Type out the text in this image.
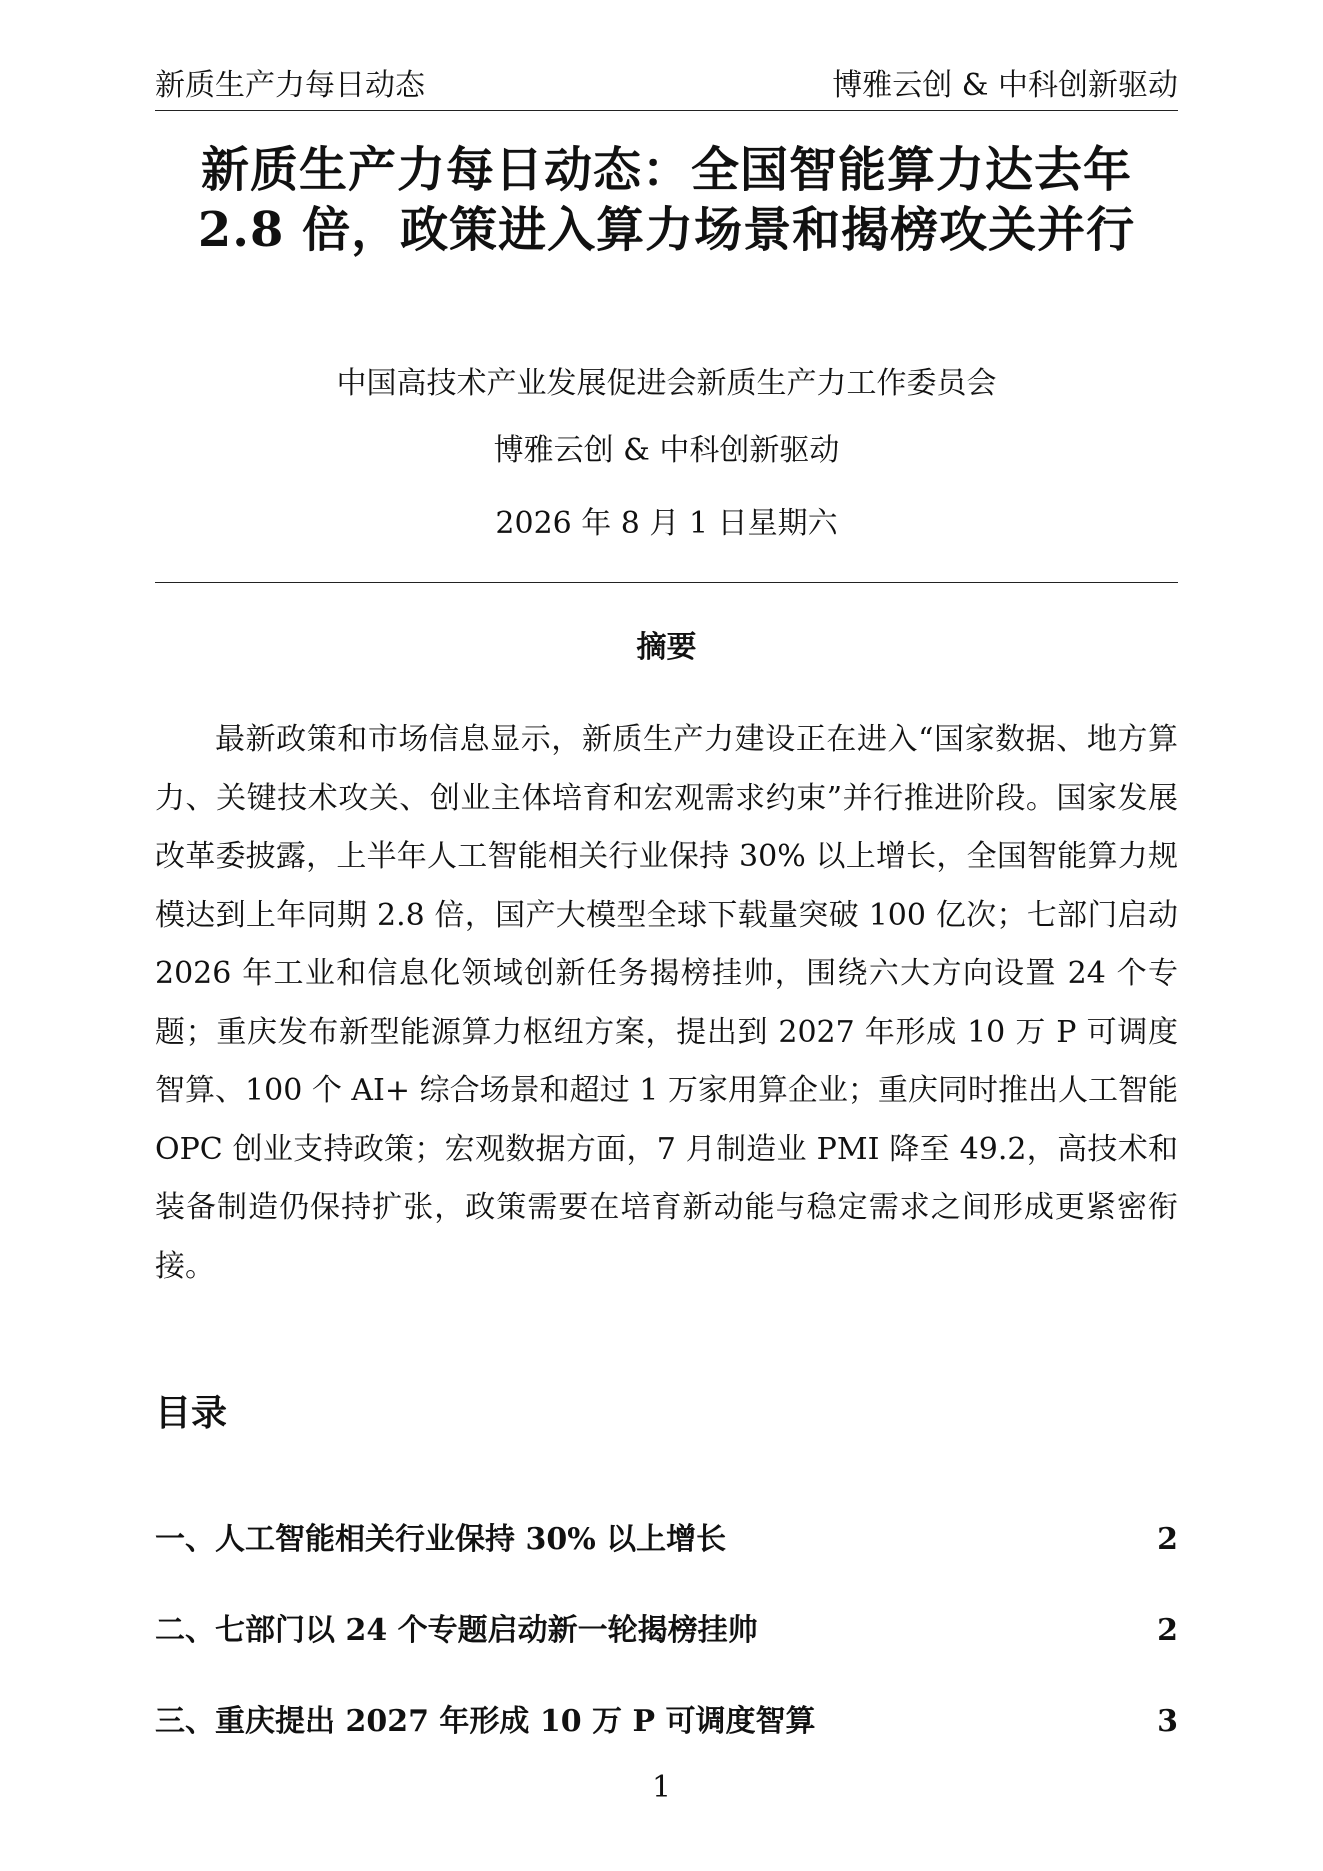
新质生产力每日动态	博雅云创 & 中科创新驱动
新质生产力每日动态：全国智能算力达去年 2.8 倍，政策进入算力场景和揭榜攻关并行
中国高技术产业发展促进会新质生产力工作委员会
博雅云创 & 中科创新驱动
2026 年 8 月 1 日星期六
摘要
最新政策和市场信息显示，新质生产力建设正在进入“国家数据、地方算力、关键技术攻关、创业主体培育和宏观需求约束”并行推进阶段。国家发展改革委披露，上半年人工智能相关行业保持 30% 以上增长，全国智能算力规模达到上年同期 2.8 倍，国产大模型全球下载量突破 100 亿次；七部门启动 2026 年工业和信息化领域创新任务揭榜挂帅，围绕六大方向设置 24 个专题；重庆发布新型能源算力枢纽方案，提出到 2027 年形成 10 万 P 可调度智算、100 个 AI+ 综合场景和超过 1 万家用算企业；重庆同时推出人工智能 OPC 创业支持政策；宏观数据方面，7 月制造业 PMI 降至 49.2，高技术和装备制造仍保持扩张，政策需要在培育新动能与稳定需求之间形成更紧密衔接。
目录
一、人工智能相关行业保持 30% 以上增长	2
二、七部门以 24 个专题启动新一轮揭榜挂帅	2
三、重庆提出 2027 年形成 10 万 P 可调度智算	3
1
